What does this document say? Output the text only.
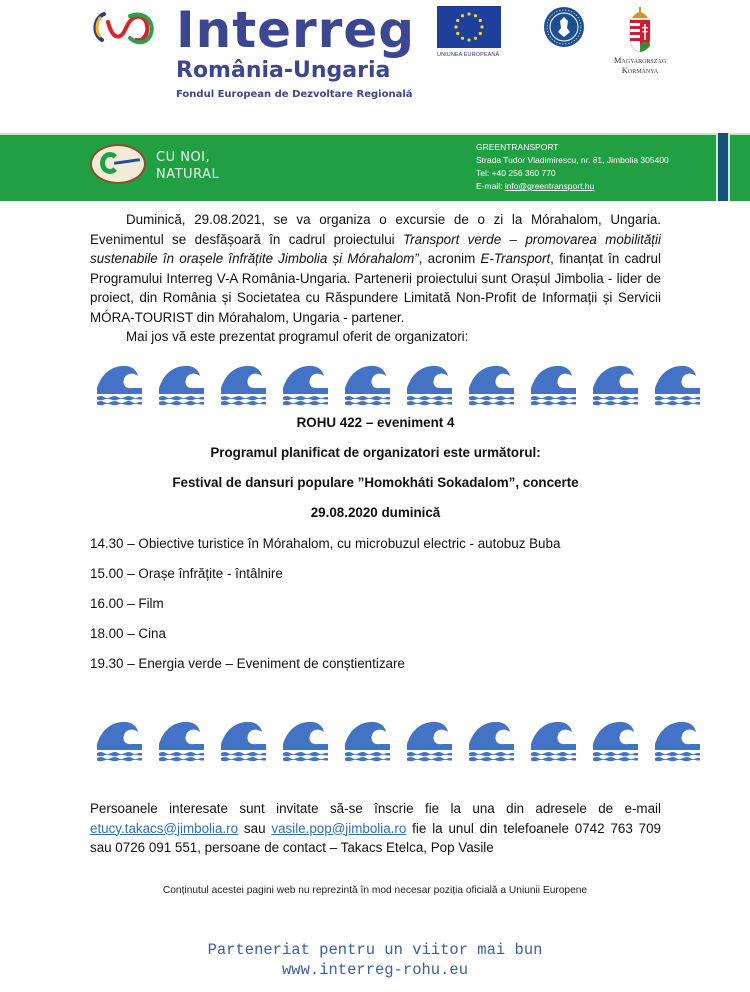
Interreg
România-Ungaria
Fondul European de Dezvoltare Regională
UNIUNEA EUROPEANĂ	Magyarország
Kormánya
CU NOI,
NATURAL
GREENTRANSPORT
Strada Tudor Vladimirescu, nr. 81, Jimbolia 305400
Tel: +40 256 360 770
E-mail: info@greentransport.hu

Duminică, 29.08.2021, se va organiza o excursie de o zi la Mórahalom, Ungaria. Evenimentul se desfășoară în cadrul proiectului Transport verde – promovarea mobilității sustenabile în orașele înfrățite Jimbolia și Mórahalom”, acronim E-Transport, finanțat în cadrul Programului Interreg V-A România-Ungaria. Partenerii proiectului sunt Orașul Jimbolia - lider de proiect, din România și Societatea cu Răspundere Limitată Non-Profit de Informații și Servicii MÓRA-TOURIST din Mórahalom, Ungaria - partener.

Mai jos vă este prezentat programul oferit de organizatori:

ROHU 422 – eveniment 4
Programul planificat de organizatori este următorul:
Festival de dansuri populare ”Homokháti Sokadalom”, concerte
29.08.2020 duminică
14.30 – Obiective turistice în Mórahalom, cu microbuzul electric - autobuz Buba
15.00 – Orașe înfrățite - întâlnire
16.00 – Film
18.00 – Cina
19.30 – Energia verde – Eveniment de conștientizare
Persoanele interesate sunt invitate să-se înscrie fie la una din adresele de e-mail etucy.takacs@jimbolia.ro sau vasile.pop@jimbolia.ro fie la unul din telefoanele 0742 763 709 sau 0726 091 551, persoane de contact – Takacs Etelca, Pop Vasile
Conținutul acestei pagini web nu reprezintă în mod necesar poziția oficială a Uniunii Europene
Parteneriat pentru un viitor mai bun
www.interreg-rohu.eu
